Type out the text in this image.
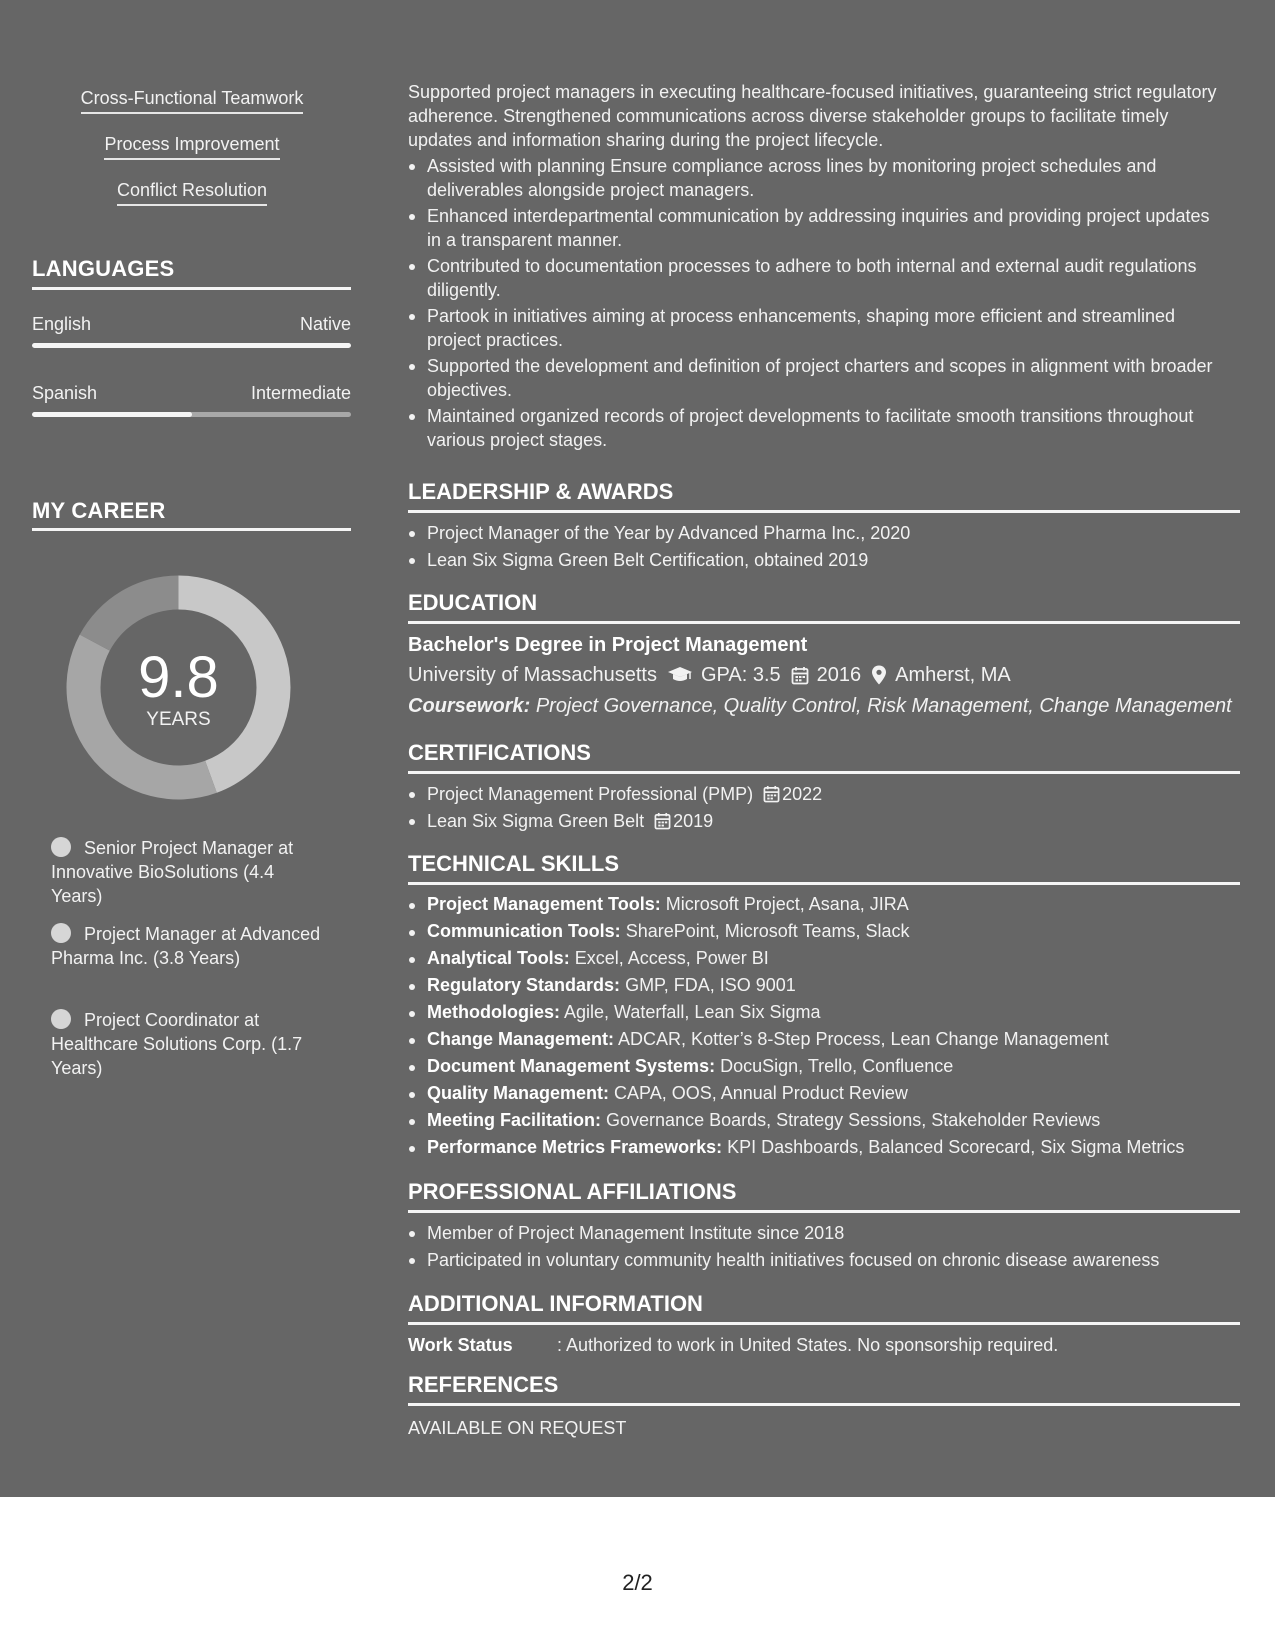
Cross-Functional Teamwork
Process Improvement
Conflict Resolution
LANGUAGES
English	Native
Spanish	Intermediate
MY CAREER
9.8
YEARS
Senior Project Manager at Innovative BioSolutions (4.4 Years)
Project Manager at Advanced Pharma Inc. (3.8 Years)
Project Coordinator at Healthcare Solutions Corp. (1.7 Years)
Supported project managers in executing healthcare-focused initiatives, guaranteeing strict regulatory adherence. Strengthened communications across diverse stakeholder groups to facilitate timely updates and information sharing during the project lifecycle.
Assisted with planning Ensure compliance across lines by monitoring project schedules and deliverables alongside project managers.
Enhanced interdepartmental communication by addressing inquiries and providing project updates in a transparent manner.
Contributed to documentation processes to adhere to both internal and external audit regulations diligently.
Partook in initiatives aiming at process enhancements, shaping more efficient and streamlined project practices.
Supported the development and definition of project charters and scopes in alignment with broader objectives.
Maintained organized records of project developments to facilitate smooth transitions throughout various project stages.
LEADERSHIP & AWARDS
Project Manager of the Year by Advanced Pharma Inc., 2020
Lean Six Sigma Green Belt Certification, obtained 2019
EDUCATION
Bachelor's Degree in Project Management
University of Massachusetts GPA: 3.5 2016 Amherst, MA
Coursework: Project Governance, Quality Control, Risk Management, Change Management
CERTIFICATIONS
Project Management Professional (PMP) 2022
Lean Six Sigma Green Belt 2019
TECHNICAL SKILLS
Project Management Tools: Microsoft Project, Asana, JIRA
Communication Tools: SharePoint, Microsoft Teams, Slack
Analytical Tools: Excel, Access, Power BI
Regulatory Standards: GMP, FDA, ISO 9001
Methodologies: Agile, Waterfall, Lean Six Sigma
Change Management: ADCAR, Kotter’s 8-Step Process, Lean Change Management
Document Management Systems: DocuSign, Trello, Confluence
Quality Management: CAPA, OOS, Annual Product Review
Meeting Facilitation: Governance Boards, Strategy Sessions, Stakeholder Reviews
Performance Metrics Frameworks: KPI Dashboards, Balanced Scorecard, Six Sigma Metrics
PROFESSIONAL AFFILIATIONS
Member of Project Management Institute since 2018
Participated in voluntary community health initiatives focused on chronic disease awareness
ADDITIONAL INFORMATION
Work Status : Authorized to work in United States. No sponsorship required.
REFERENCES
AVAILABLE ON REQUEST
2/2
